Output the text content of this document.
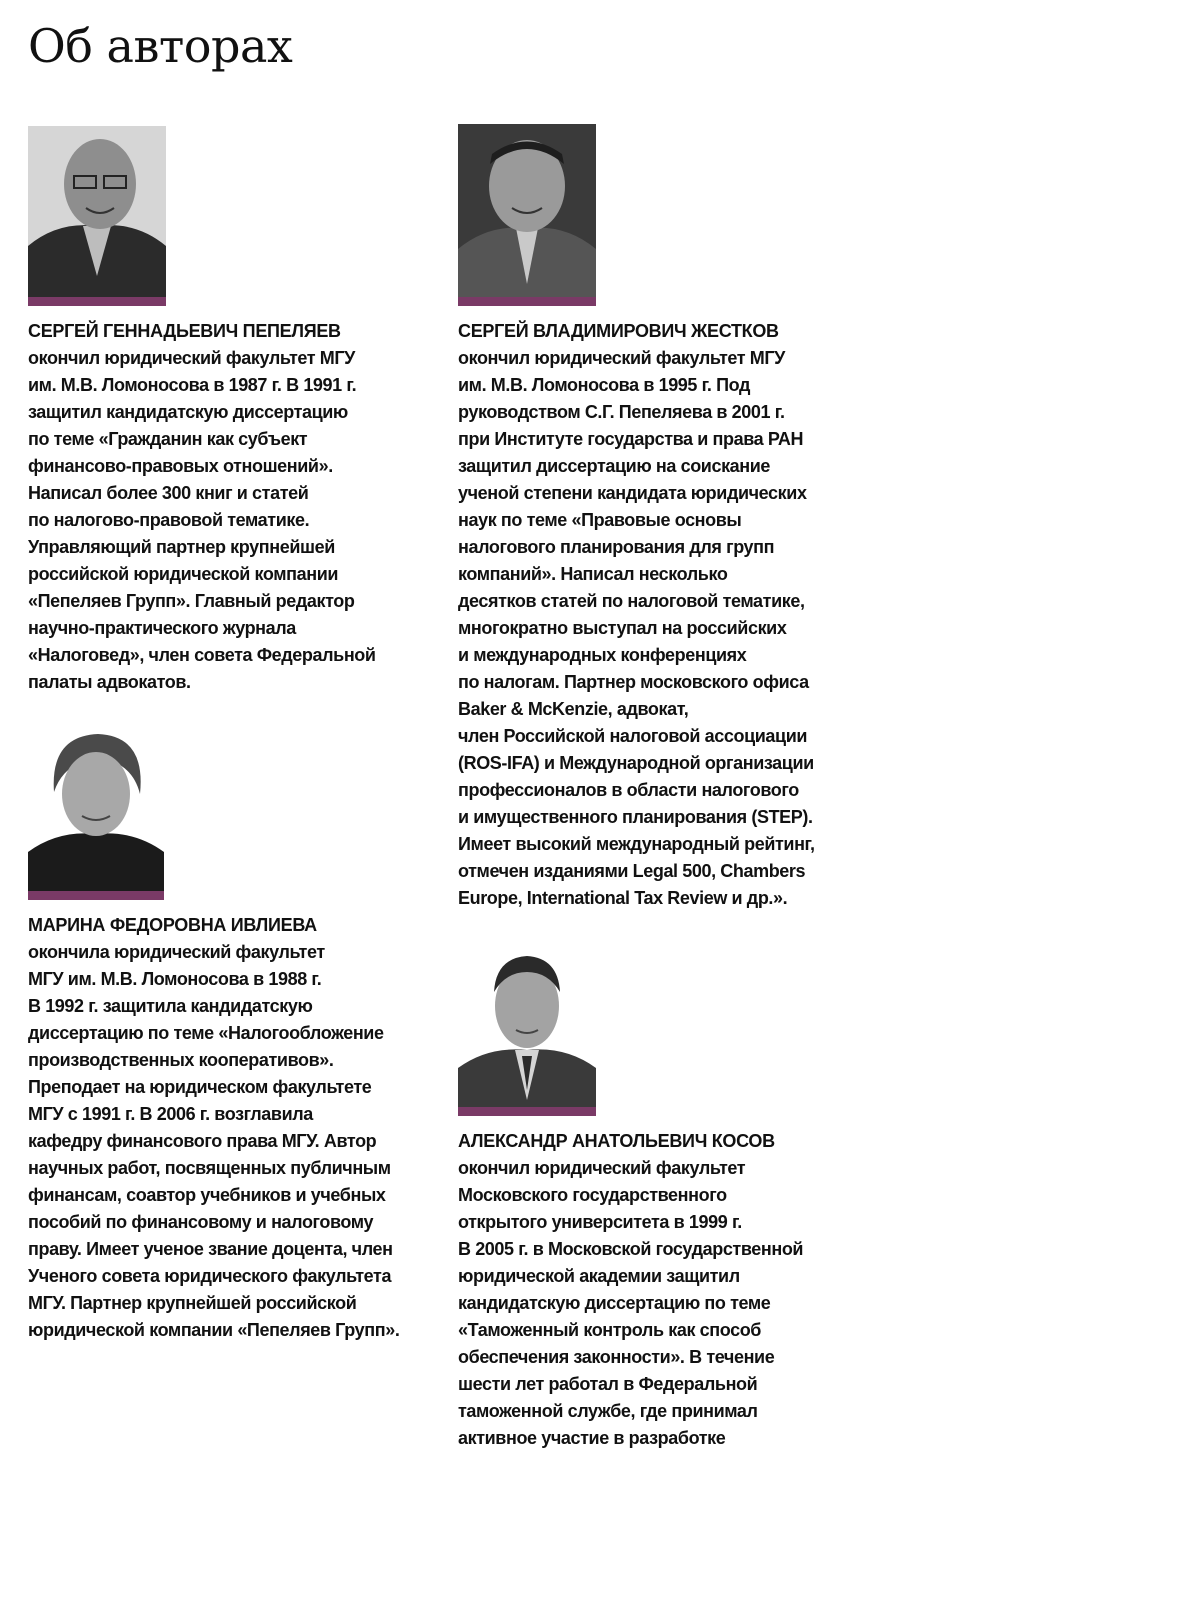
Об авторах
СЕРГЕЙ ГЕННАДЬЕВИЧ ПЕПЕЛЯЕВ
окончил юридический факультет МГУ
им. М.В. Ломоносова в 1987 г. В 1991 г.
защитил кандидатскую диссертацию
по теме «Гражданин как субъект
финансово-правовых отношений».
Написал более 300 книг и статей
по налогово-правовой тематике.
Управляющий партнер крупнейшей
российской юридической компании
«Пепеляев Групп». Главный редактор
научно-практического журнала
«Налоговед», член совета Федеральной
палаты адвокатов.
СЕРГЕЙ ВЛАДИМИРОВИЧ ЖЕСТКОВ
окончил юридический факультет МГУ
им. М.В. Ломоносова в 1995 г. Под
руководством С.Г. Пепеляева в 2001 г.
при Институте государства и права РАН
защитил диссертацию на соискание
ученой степени кандидата юридических
наук по теме «Правовые основы
налогового планирования для групп
компаний». Написал несколько
десятков статей по налоговой тематике,
многократно выступал на российских
и международных конференциях
по налогам. Партнер московского офиса
Baker & McKenzie, адвокат,
член Российской налоговой ассоциации
(ROS-IFA) и Международной организации
профессионалов в области налогового
и имущественного планирования (STEP).
Имеет высокий международный рейтинг,
отмечен изданиями Legal 500, Chambers
Europe, International Tax Review и др.».
МАРИНА ФЕДОРОВНА ИВЛИЕВА
окончила юридический факультет
МГУ им. М.В. Ломоносова в 1988 г.
В 1992 г. защитила кандидатскую
диссертацию по теме «Налогообложение
производственных кооперативов».
Преподает на юридическом факультете
МГУ с 1991 г. В 2006 г. возглавила
кафедру финансового права МГУ. Автор
научных работ, посвященных публичным
финансам, соавтор учебников и учебных
пособий по финансовому и налоговому
праву. Имеет ученое звание доцента, член
Ученого совета юридического факультета
МГУ. Партнер крупнейшей российской
юридической компании «Пепеляев Групп».
АЛЕКСАНДР АНАТОЛЬЕВИЧ КОСОВ
окончил юридический факультет
Московского государственного
открытого университета в 1999 г.
В 2005 г. в Московской государственной
юридической академии защитил
кандидатскую диссертацию по теме
«Таможенный контроль как способ
обеспечения законности». В течение
шести лет работал в Федеральной
таможенной службе, где принимал
активное участие в разработке
